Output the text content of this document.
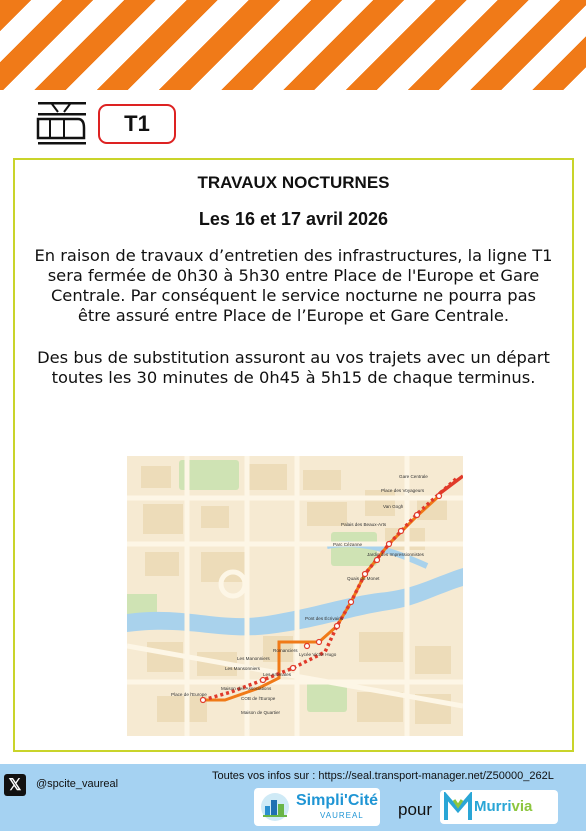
T1
TRAVAUX NOCTURNES
Les 16 et 17 avril 2026
En raison de travaux d’entretien des infrastructures, la ligne T1 sera fermée de 0h30 à 5h30 entre Place de l'Europe et Gare Centrale. Par conséquent le service nocturne ne pourra pas être assuré entre Place de l’Europe et Gare Centrale.
Des bus de substitution assuront au vos trajets avec un départ toutes les 30 minutes de 0h45 à 5h15 de chaque terminus.
Gare Centrale
Place des Voyageurs
Van Gogh
Palais des Beaux-Arts
Jardin des Impressionnistes
Parc Cézanne
Quais du Monet
Pont des Écrivains
Lycée Victor Hugo
Romanciers
Les Manonniers
Les Mansonniers
Maison des Associations
Les Aromates
COB de l'Europe
Maison de Quartier
Place de l'Europe
𝕏	@spcite_vaureal
Toutes vos infos sur : https://seal.transport-manager.net/Z50000_262L
Simpli'Cité
VAUREAL pour	Murrivia
